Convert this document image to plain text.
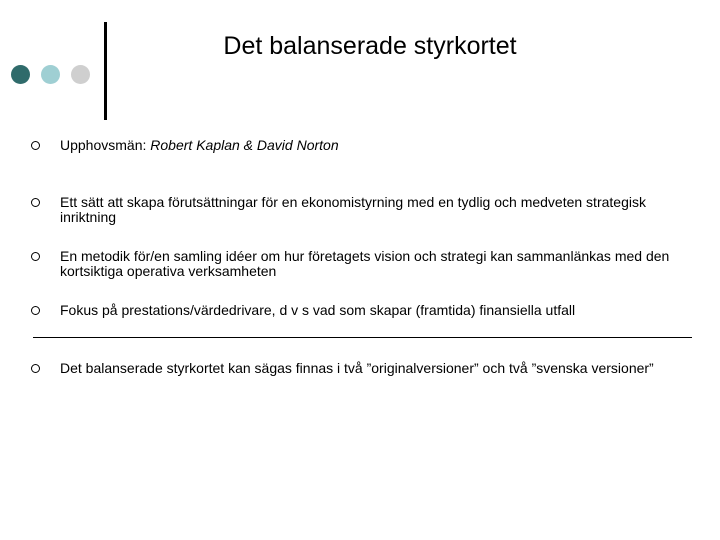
Det balanserade styrkortet
Upphovsmän: Robert Kaplan & David Norton
Ett sätt att skapa förutsättningar för en ekonomistyrning med en tydlig och medveten strategisk inriktning
En metodik för/en samling idéer om hur företagets vision och strategi kan sammanlänkas med den kortsiktiga operativa verksamheten
Fokus på prestations/värdedrivare, d v s vad som skapar (framtida) finansiella utfall
Det balanserade styrkortet kan sägas finnas i två ”originalversioner” och två ”svenska versioner”
